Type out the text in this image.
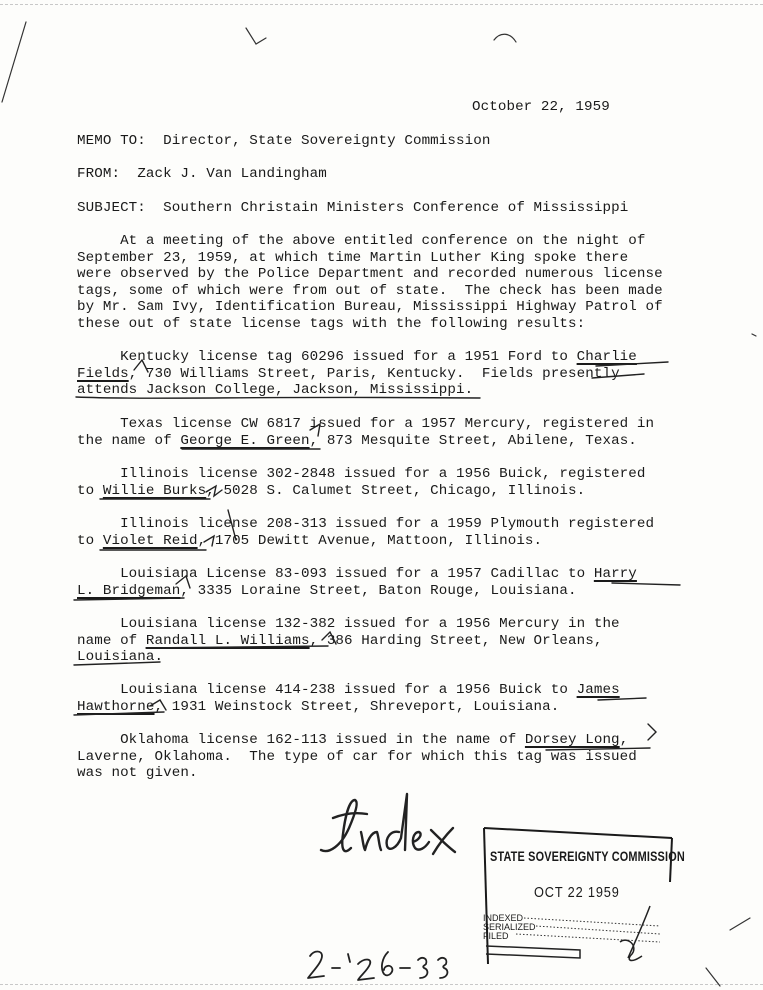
October 22, 1959
MEMO TO: Director, State Sovereignty Commission
FROM: Zack J. Van Landingham
SUBJECT: Southern Christain Ministers Conference of Mississippi
At a meeting of the above entitled conference on the night of
September 23, 1959, at which time Martin Luther King spoke there
were observed by the Police Department and recorded numerous license
tags, some of which were from out of state.  The check has been made
by Mr. Sam Ivy, Identification Bureau, Mississippi Highway Patrol of
these out of state license tags with the following results:
Kentucky license tag 60296 issued for a 1951 Ford to Charlie
Fields, 730 Williams Street, Paris, Kentucky.  Fields presently
attends Jackson College, Jackson, Mississippi.
Texas license CW 6817 issued for a 1957 Mercury, registered in
the name of George E. Green, 873 Mesquite Street, Abilene, Texas.
Illinois license 302-2848 issued for a 1956 Buick, registered
to Willie Burks, 5028 S. Calumet Street, Chicago, Illinois.
Illinois license 208-313 issued for a 1959 Plymouth registered
to Violet Reid, 1705 Dewitt Avenue, Mattoon, Illinois.
Louisiana License 83-093 issued for a 1957 Cadillac to Harry
L. Bridgeman, 3335 Loraine Street, Baton Rouge, Louisiana.
Louisiana license 132-382 issued for a 1956 Mercury in the
name of Randall L. Williams, 386 Harding Street, New Orleans,
Louisiana.
Louisiana license 414-238 issued for a 1956 Buick to James
Hawthorne, 1931 Weinstock Street, Shreveport, Louisiana.
Oklahoma license 162-113 issued in the name of Dorsey Long,
Laverne, Oklahoma.  The type of car for which this tag was issued
was not given.
2-126-33
STATE SOVEREIGNTY COMMISSION
OCT 22 1959
INDEXED
SERIALIZED
FILED
